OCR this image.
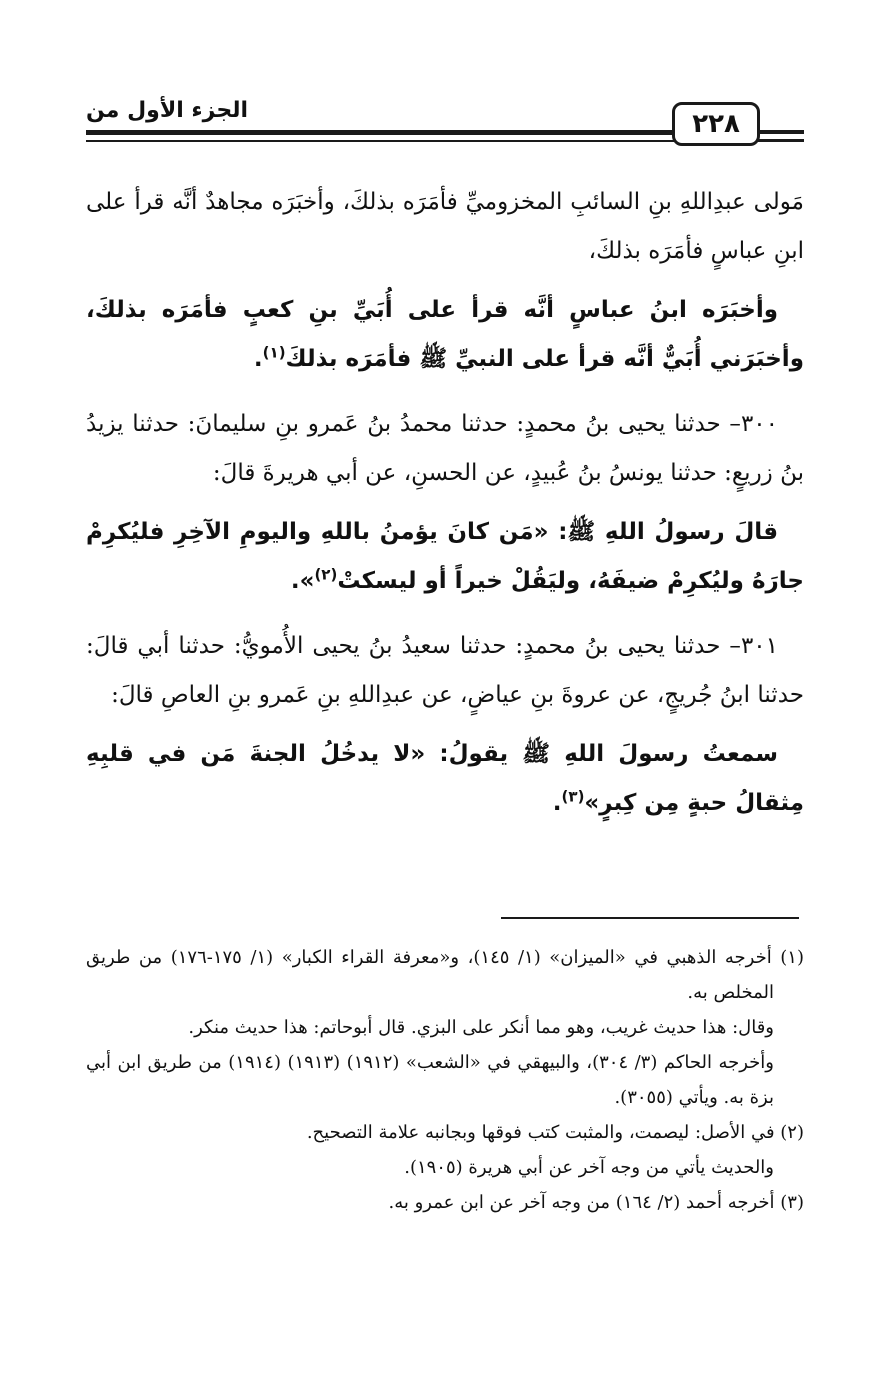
٢٢٨
الجزء الأول من

مَولى عبدِاللهِ بنِ السائبِ المخزوميِّ فأمَرَه بذلكَ، وأخبَرَه مجاهدٌ أنَّه قرأ على ابنِ عباسٍ فأمَرَه بذلكَ،

وأخبَرَه ابنُ عباسٍ أنَّه قرأ على أُبَيِّ بنِ كعبٍ فأمَرَه بذلكَ، وأخبَرَني أُبَيٌّ أنَّه قرأ على النبيِّ ﷺ فأمَرَه بذلكَ$^{(١)}$.

٣٠٠– حدثنا يحيى بنُ محمدٍ: حدثنا محمدُ بنُ عَمرو بنِ سليمانَ: حدثنا يزيدُ بنُ زريعٍ: حدثنا يونسُ بنُ عُبيدٍ، عن الحسنِ، عن أبي هريرةَ قالَ:

قالَ رسولُ اللهِ ﷺ: «مَن كانَ يؤمنُ باللهِ واليومِ الآخِرِ فليُكرِمْ جارَهُ وليُكرِمْ ضيفَهُ، وليَقُلْ خيراً أو ليسكتْ$^{(٢)}$».

٣٠١– حدثنا يحيى بنُ محمدٍ: حدثنا سعيدُ بنُ يحيى الأُمويُّ: حدثنا أبي قالَ: حدثنا ابنُ جُريجٍ، عن عروةَ بنِ عياضٍ، عن عبدِاللهِ بنِ عَمرو بنِ العاصِ قالَ:

سمعتُ رسولَ اللهِ ﷺ يقولُ: «لا يدخُلُ الجنةَ مَن في قلبِهِ مِثقالُ حبةٍ مِن كِبرٍ»$^{(٣)}$.

(١) أخرجه الذهبي في «الميزان» (١/ ١٤٥)، و«معرفة القراء الكبار» (١/ ١٧٥-١٧٦) من طريق المخلص به.

وقال: هذا حديث غريب، وهو مما أنكر على البزي. قال أبوحاتم: هذا حديث منكر.

وأخرجه الحاكم (٣/ ٣٠٤)، والبيهقي في «الشعب» (١٩١٢) (١٩١٣) (١٩١٤) من طريق ابن أبي بزة به. ويأتي (٣٠٥٥).

(٢) في الأصل: ليصمت، والمثبت كتب فوقها وبجانبه علامة التصحيح.

والحديث يأتي من وجه آخر عن أبي هريرة (١٩٠٥).

(٣) أخرجه أحمد (٢/ ١٦٤) من وجه آخر عن ابن عمرو به.
